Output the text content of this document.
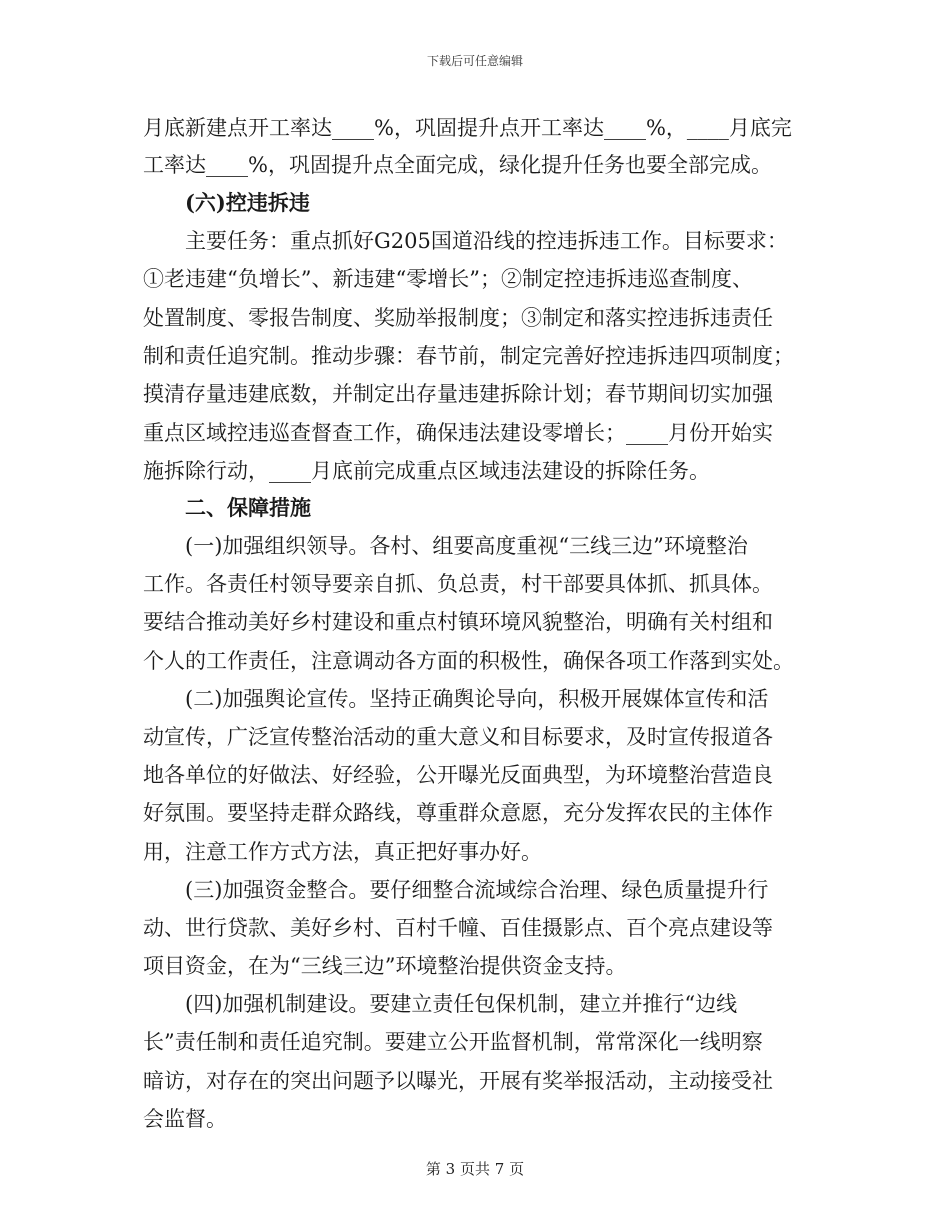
下载后可任意编辑
月底新建点开工率达____%，巩固提升点开工率达____%，____月底完
工率达____%，巩固提升点全面完成，绿化提升任务也要全部完成。
(六)控违拆违
主要任务：重点抓好G205国道沿线的控违拆违工作。目标要求：
①老违建“负增长”、新违建“零增长”；②制定控违拆违巡查制度、
处置制度、零报告制度、奖励举报制度；③制定和落实控违拆违责任
制和责任追究制。推动步骤：春节前，制定完善好控违拆违四项制度；
摸清存量违建底数，并制定出存量违建拆除计划；春节期间切实加强
重点区域控违巡查督查工作，确保违法建设零增长；____月份开始实
施拆除行动，____月底前完成重点区域违法建设的拆除任务。
二、保障措施
(一)加强组织领导。各村、组要高度重视“三线三边”环境整治
工作。各责任村领导要亲自抓、负总责，村干部要具体抓、抓具体。
要结合推动美好乡村建设和重点村镇环境风貌整治，明确有关村组和
个人的工作责任，注意调动各方面的积极性，确保各项工作落到实处。
(二)加强舆论宣传。坚持正确舆论导向，积极开展媒体宣传和活
动宣传，广泛宣传整治活动的重大意义和目标要求，及时宣传报道各
地各单位的好做法、好经验，公开曝光反面典型，为环境整治营造良
好氛围。要坚持走群众路线，尊重群众意愿，充分发挥农民的主体作
用，注意工作方式方法，真正把好事办好。
(三)加强资金整合。要仔细整合流域综合治理、绿色质量提升行
动、世行贷款、美好乡村、百村千幢、百佳摄影点、百个亮点建设等
项目资金，在为“三线三边”环境整治提供资金支持。
(四)加强机制建设。要建立责任包保机制，建立并推行“边线
长”责任制和责任追究制。要建立公开监督机制，常常深化一线明察
暗访，对存在的突出问题予以曝光，开展有奖举报活动，主动接受社
会监督。
第 3 页共 7 页
